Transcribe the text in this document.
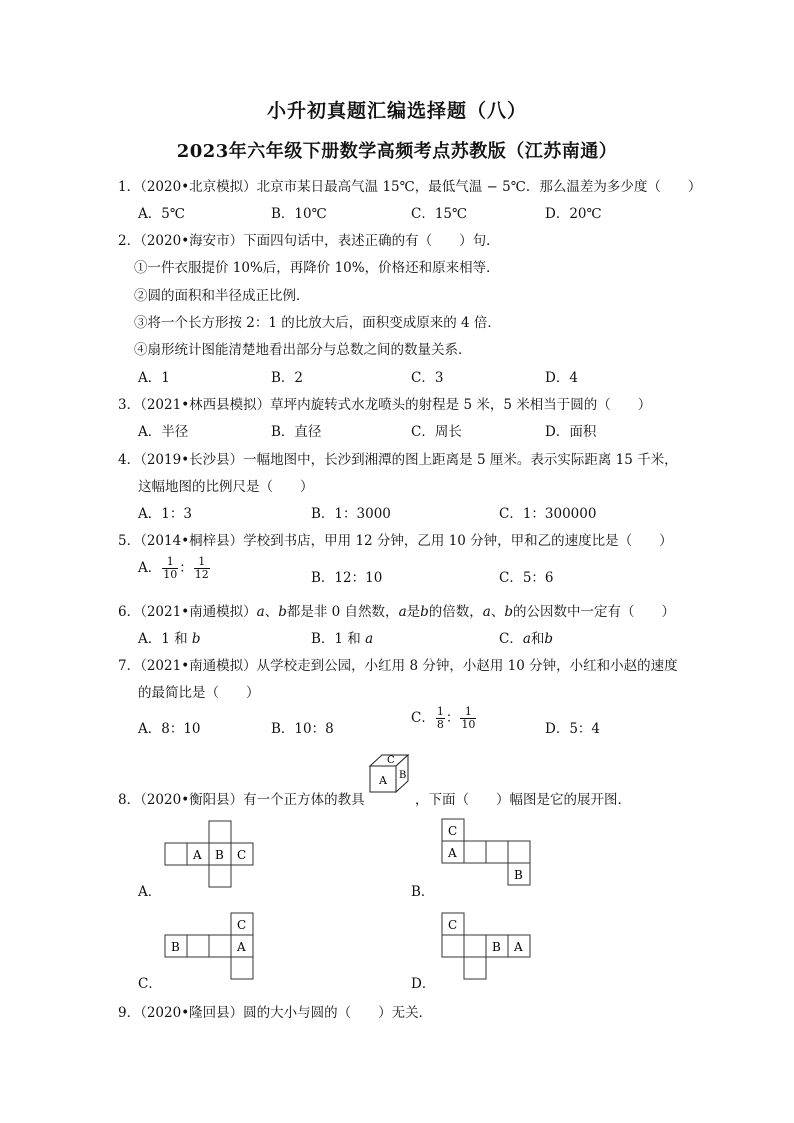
小升初真题汇编选择题（八）
2023年六年级下册数学高频考点苏教版（江苏南通）
1．（2020•北京模拟）北京市某日最高气温 15℃，最低气温 − 5℃．那么温差为多少度（　　）
A．5℃	B．10℃	C．15℃	D．20℃
2．（2020•海安市）下面四句话中，表述正确的有（　　）句．
①一件衣服提价 10%后，再降价 10%，价格还和原来相等．
②圆的面积和半径成正比例．
③将一个长方形按 2：1 的比放大后，面积变成原来的 4 倍．
④扇形统计图能清楚地看出部分与总数之间的数量关系．
A．1	B．2	C．3	D．4
3．（2021•林西县模拟）草坪内旋转式水龙喷头的射程是 5 米，5 米相当于圆的（　　）
A．半径	B．直径	C．周长	D．面积
4．（2019•长沙县）一幅地图中，长沙到湘潭的图上距离是 5 厘米。表示实际距离 15 千米，
这幅地图的比例尺是（　　）
A．1：3	B．1：3000	C．1：300000
5．（2014•桐梓县）学校到书店，甲用 12 分钟，乙用 10 分钟，甲和乙的速度比是（　　）
A． $\frac{1}{10}$ ： $\frac{1}{12}$	B．12：10	C．5：6
6．（2021•南通模拟）a、b都是非 0 自然数，a是b的倍数，a、b的公因数中一定有（　　）
A．1 和 b	B．1 和 a	C．a和b
7．（2021•南通模拟）从学校走到公园，小红用 8 分钟，小赵用 10 分钟，小红和小赵的速度
的最简比是（　　）
A．8：10	B．10：8
C． $\frac{1}{8}$ ： $\frac{1}{10}$	D．5：4
8．（2020•衡阳县）有一个正方体的教具
A B
C
，下面（　　）幅图是它的展开图．
A B C
A．
C
A
B
B．
C
B	A
C．
C
B A
D．
9．（2020•隆回县）圆的大小与圆的（　　）无关．
